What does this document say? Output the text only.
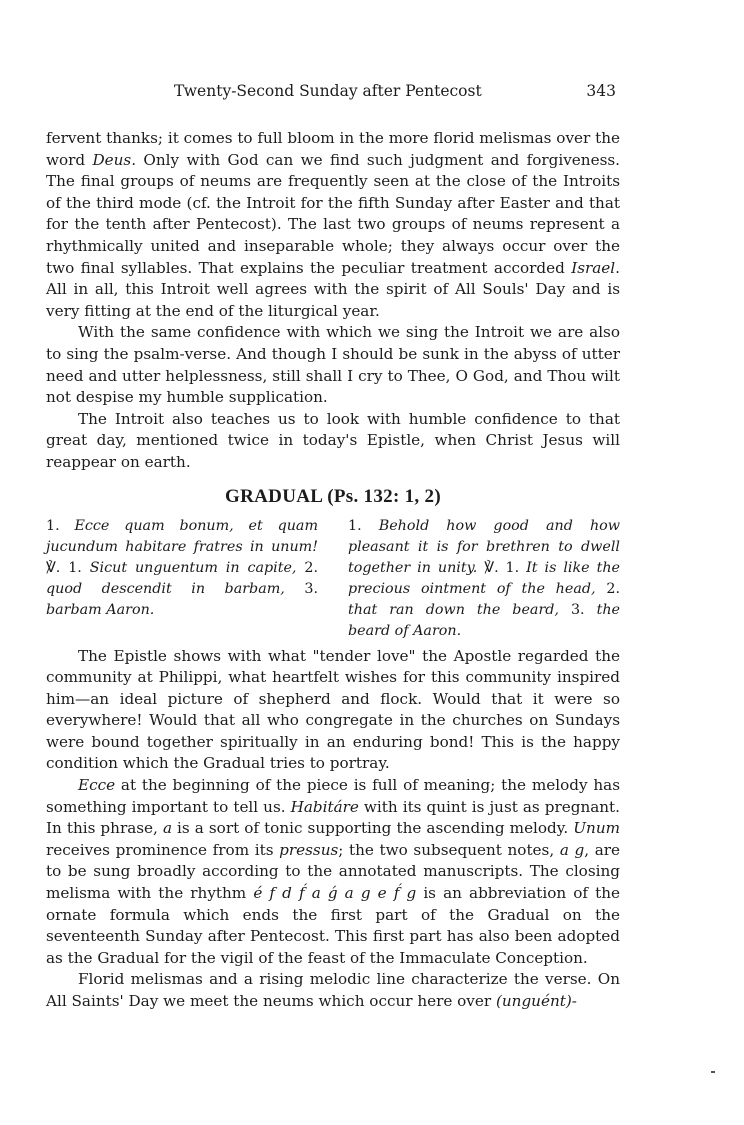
Twenty-Second Sunday after Pentecost	343

fervent thanks; it comes to full bloom in the more florid melismas over the word Deus. Only with God can we find such judgment and forgiveness. The final groups of neums are frequently seen at the close of the Introits of the third mode (cf. the Introit for the fifth Sunday after Easter and that for the tenth after Pentecost). The last two groups of neums represent a rhythmically united and inseparable whole; they always occur over the two final syllables. That explains the peculiar treatment accorded Israel. All in all, this Introit well agrees with the spirit of All Souls' Day and is very fitting at the end of the liturgical year.

With the same confidence with which we sing the Introit we are also to sing the psalm-verse. And though I should be sunk in the abyss of utter need and utter helplessness, still shall I cry to Thee, O God, and Thou wilt not despise my humble supplication.

The Introit also teaches us to look with humble confidence to that great day, mentioned twice in today's Epistle, when Christ Jesus will reappear on earth.

GRADUAL (Ps. 132: 1, 2)
1. Ecce quam bonum, et quam jucundum habitare fratres in unum! ℣. 1. Sicut unguentum in capite, 2. quod descendit in barbam, 3. barbam Aaron.
1. Behold how good and how pleasant it is for brethren to dwell together in unity. ℣. 1. It is like the precious ointment of the head, 2. that ran down the beard, 3. the beard of Aaron.

The Epistle shows with what "tender love" the Apostle regarded the community at Philippi, what heartfelt wishes for this community inspired him—an ideal picture of shepherd and flock. Would that it were so everywhere! Would that all who congregate in the churches on Sundays were bound together spiritually in an enduring bond! This is the happy condition which the Gradual tries to portray.

Ecce at the beginning of the piece is full of meaning; the melody has something important to tell us. Habitáre with its quint is just as pregnant. In this phrase, a is a sort of tonic supporting the ascending melody. Unum receives prominence from its pressus; the two subsequent notes, a g, are to be sung broadly according to the annotated manuscripts. The closing melisma with the rhythm é f d f́ a ǵ a g e f́ g is an abbreviation of the ornate formula which ends the first part of the Gradual on the seventeenth Sunday after Pentecost. This first part has also been adopted as the Gradual for the vigil of the feast of the Immaculate Conception.

Florid melismas and a rising melodic line characterize the verse. On All Saints' Day we meet the neums which occur here over (unguént)-
